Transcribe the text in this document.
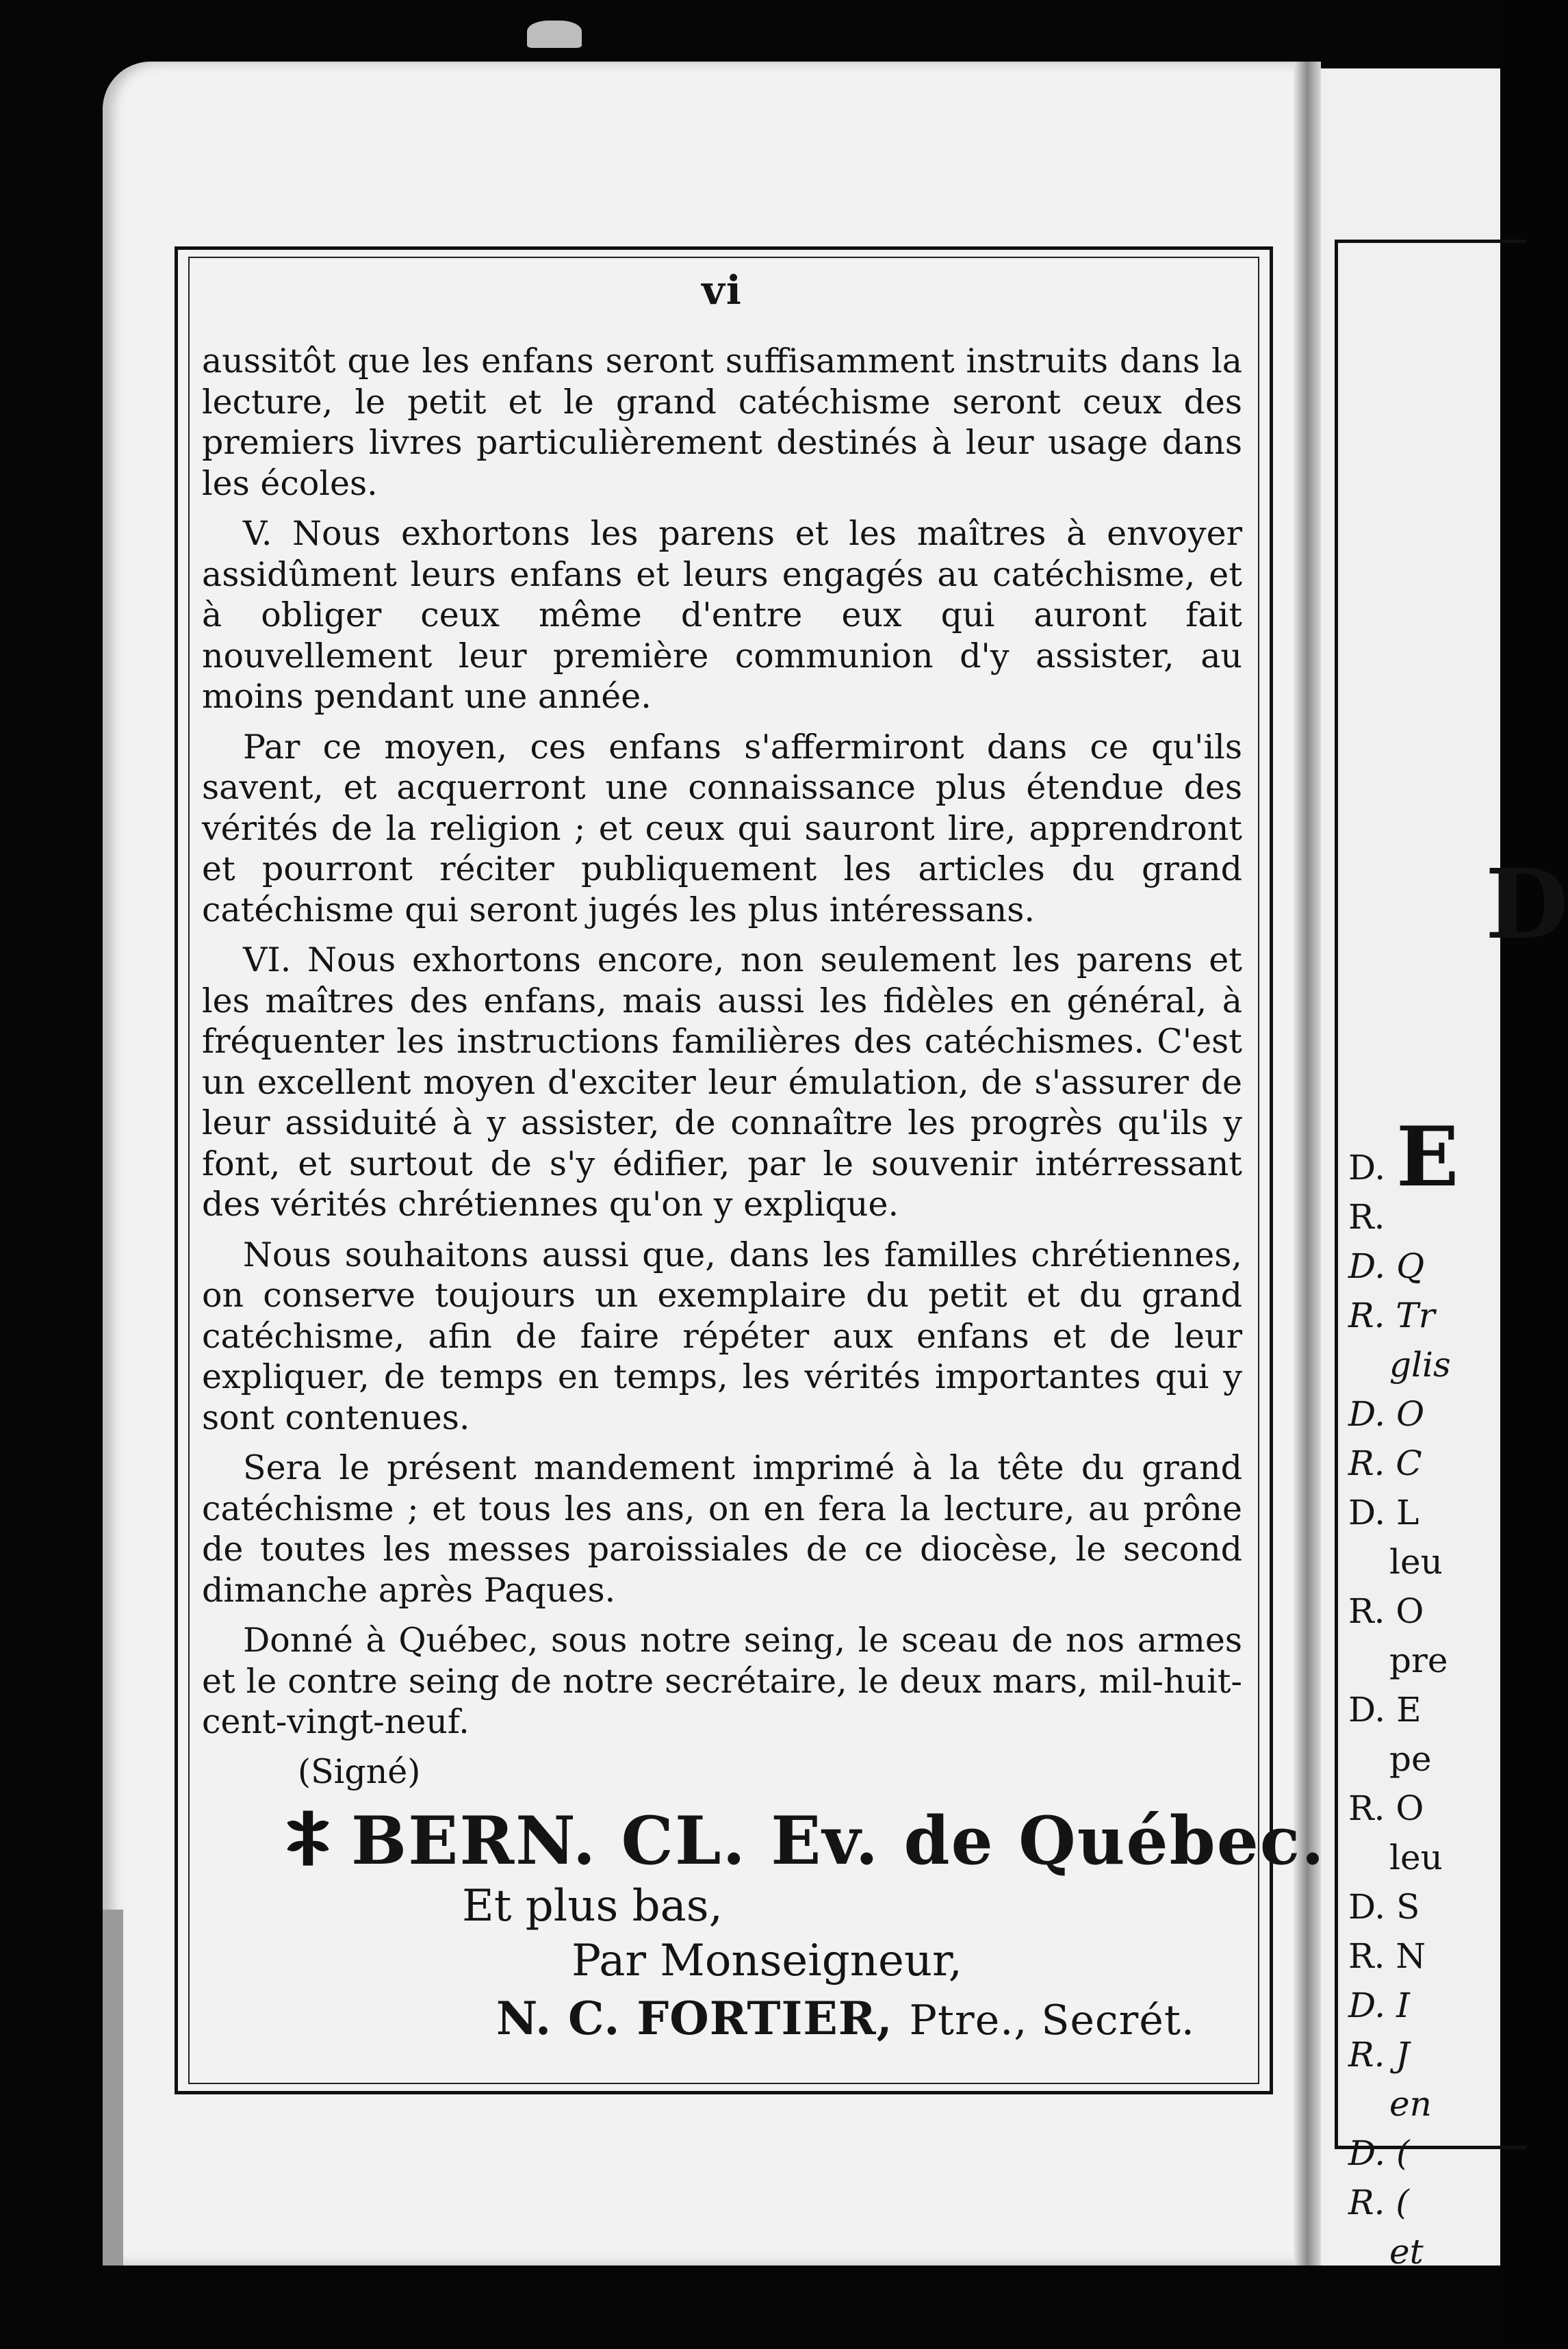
D
D.
R.
D. Q
R. Tr
glis
D. O
R. C
D. L
leu
R. O
pre
D. E
pe
R. O
leu
D. S
R. N
D. I
R. J
en
D. (
R. (
et
E
vi

aussitôt que les enfans seront suffisamment instruits dans la lecture, le petit et le grand catéchisme seront ceux des premiers livres particulièrement destinés à leur usage dans les écoles.

V. Nous exhortons les parens et les maîtres à envoyer assidûment leurs enfans et leurs engagés au catéchisme, et à obliger ceux même d'entre eux qui auront fait nouvellement leur première communion d'y assister, au moins pendant une année.

Par ce moyen, ces enfans s'affermiront dans ce qu'ils savent, et acquerront une connaissance plus étendue des vérités de la religion ; et ceux qui sauront lire, apprendront et pourront réciter publiquement les articles du grand catéchisme qui seront jugés les plus intéressans.

VI. Nous exhortons encore, non seulement les parens et les maîtres des enfans, mais aussi les fidèles en général, à fréquenter les instructions familières des catéchismes. C'est un excellent moyen d'exciter leur émulation, de s'assurer de leur assiduité à y assister, de connaître les progrès qu'ils y font, et surtout de s'y édifier, par le souvenir intérressant des vérités chrétiennes qu'on y explique.

Nous souhaitons aussi que, dans les familles chrétiennes, on conserve toujours un exemplaire du petit et du grand catéchisme, afin de faire répéter aux enfans et de leur expliquer, de temps en temps, les vérités importantes qui y sont contenues.

Sera le présent mandement imprimé à la tête du grand catéchisme ; et tous les ans, on en fera la lecture, au prône de toutes les messes paroissiales de ce diocèse, le second dimanche après Paques.

Donné à Québec, sous notre seing, le sceau de nos armes et le contre seing de notre secrétaire, le deux mars, mil-huit-cent-vingt-neuf.

(Signé)
BERN. CL. Ev. de Québec.
Et plus bas,
Par Monseigneur,
N. C. FORTIER, Ptre., Secrét.
